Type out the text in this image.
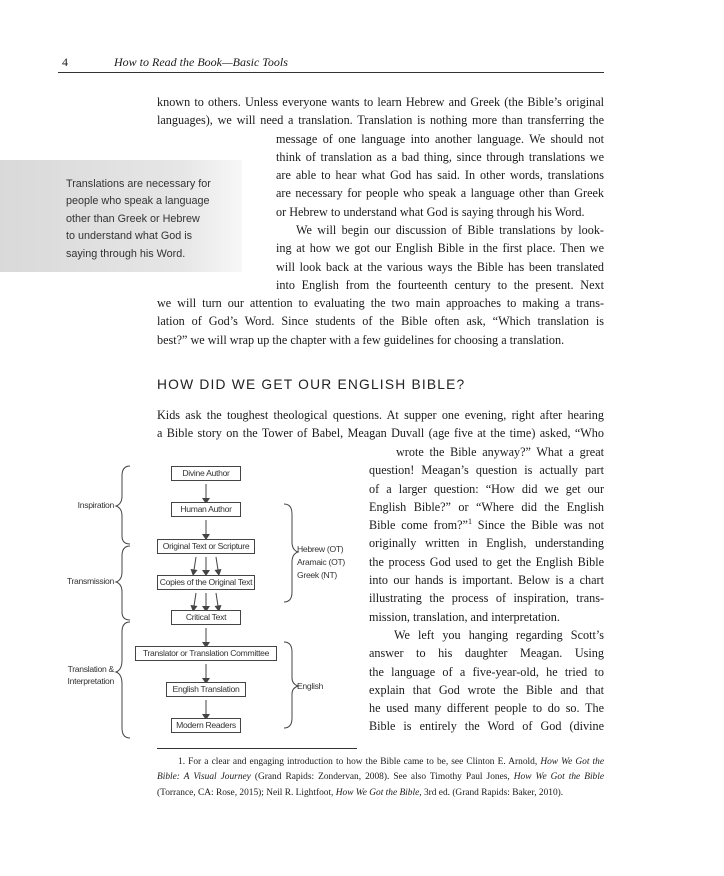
4	How to Read the Book—Basic Tools

known to others. Unless everyone wants to learn Hebrew and Greek (the Bible’s original
languages), we will need a translation. Translation is nothing more than transferring the
message of one language into another language. We should not
think of translation as a bad thing, since through translations we
are able to hear what God has said. In other words, translations
are necessary for people who speak a language other than Greek
or Hebrew to understand what God is saying through his Word.

Translations are necessary for
people who speak a language
other than Greek or Hebrew
to understand what God is
saying through his Word.

We will begin our discussion of Bible translations by look-
ing at how we got our English Bible in the first place. Then we
will look back at the various ways the Bible has been translated
into English from the fourteenth century to the present. Next
we will turn our attention to evaluating the two main approaches to making a trans-
lation of God’s Word. Since students of the Bible often ask, “Which translation is
best?” we will wrap up the chapter with a few guidelines for choosing a translation.
HOW DID WE GET OUR ENGLISH BIBLE?
Kids ask the toughest theological questions. At supper one evening, right after hearing
a Bible story on the Tower of Babel, Meagan Duvall (age five at the time) asked, “Who
wrote the Bible anyway?” What a great
question! Meagan’s question is actually part
of a larger question: “How did we get our
English Bible?” or “Where did the English
Bible come from?”$^1$ Since the Bible was not
originally written in English, understanding
the process God used to get the English Bible
into our hands is important. Below is a chart
illustrating the process of inspiration, trans-
mission, translation, and interpretation.
We left you hanging regarding Scott’s
answer to his daughter Meagan. Using
the language of a five-year-old, he tried to
explain that God wrote the Bible and that
he used many different people to do so. The
Bible is entirely the Word of God (divine
Divine Author
Human Author
Original Text or Scripture
Copies of the Original Text
Critical Text
Translator or Translation Committee
English Translation
Modern Readers
Inspiration
Transmission
Translation &
Interpretation
Hebrew (OT)
Aramaic (OT)
Greek (NT)
English

1. For a clear and engaging introduction to how the Bible came to be, see Clinton E. Arnold, How We Got the Bible: A Visual Journey (Grand Rapids: Zondervan, 2008). See also Timothy Paul Jones, How We Got the Bible (Torrance, CA: Rose, 2015); Neil R. Lightfoot, How We Got the Bible, 3rd ed. (Grand Rapids: Baker, 2010).
